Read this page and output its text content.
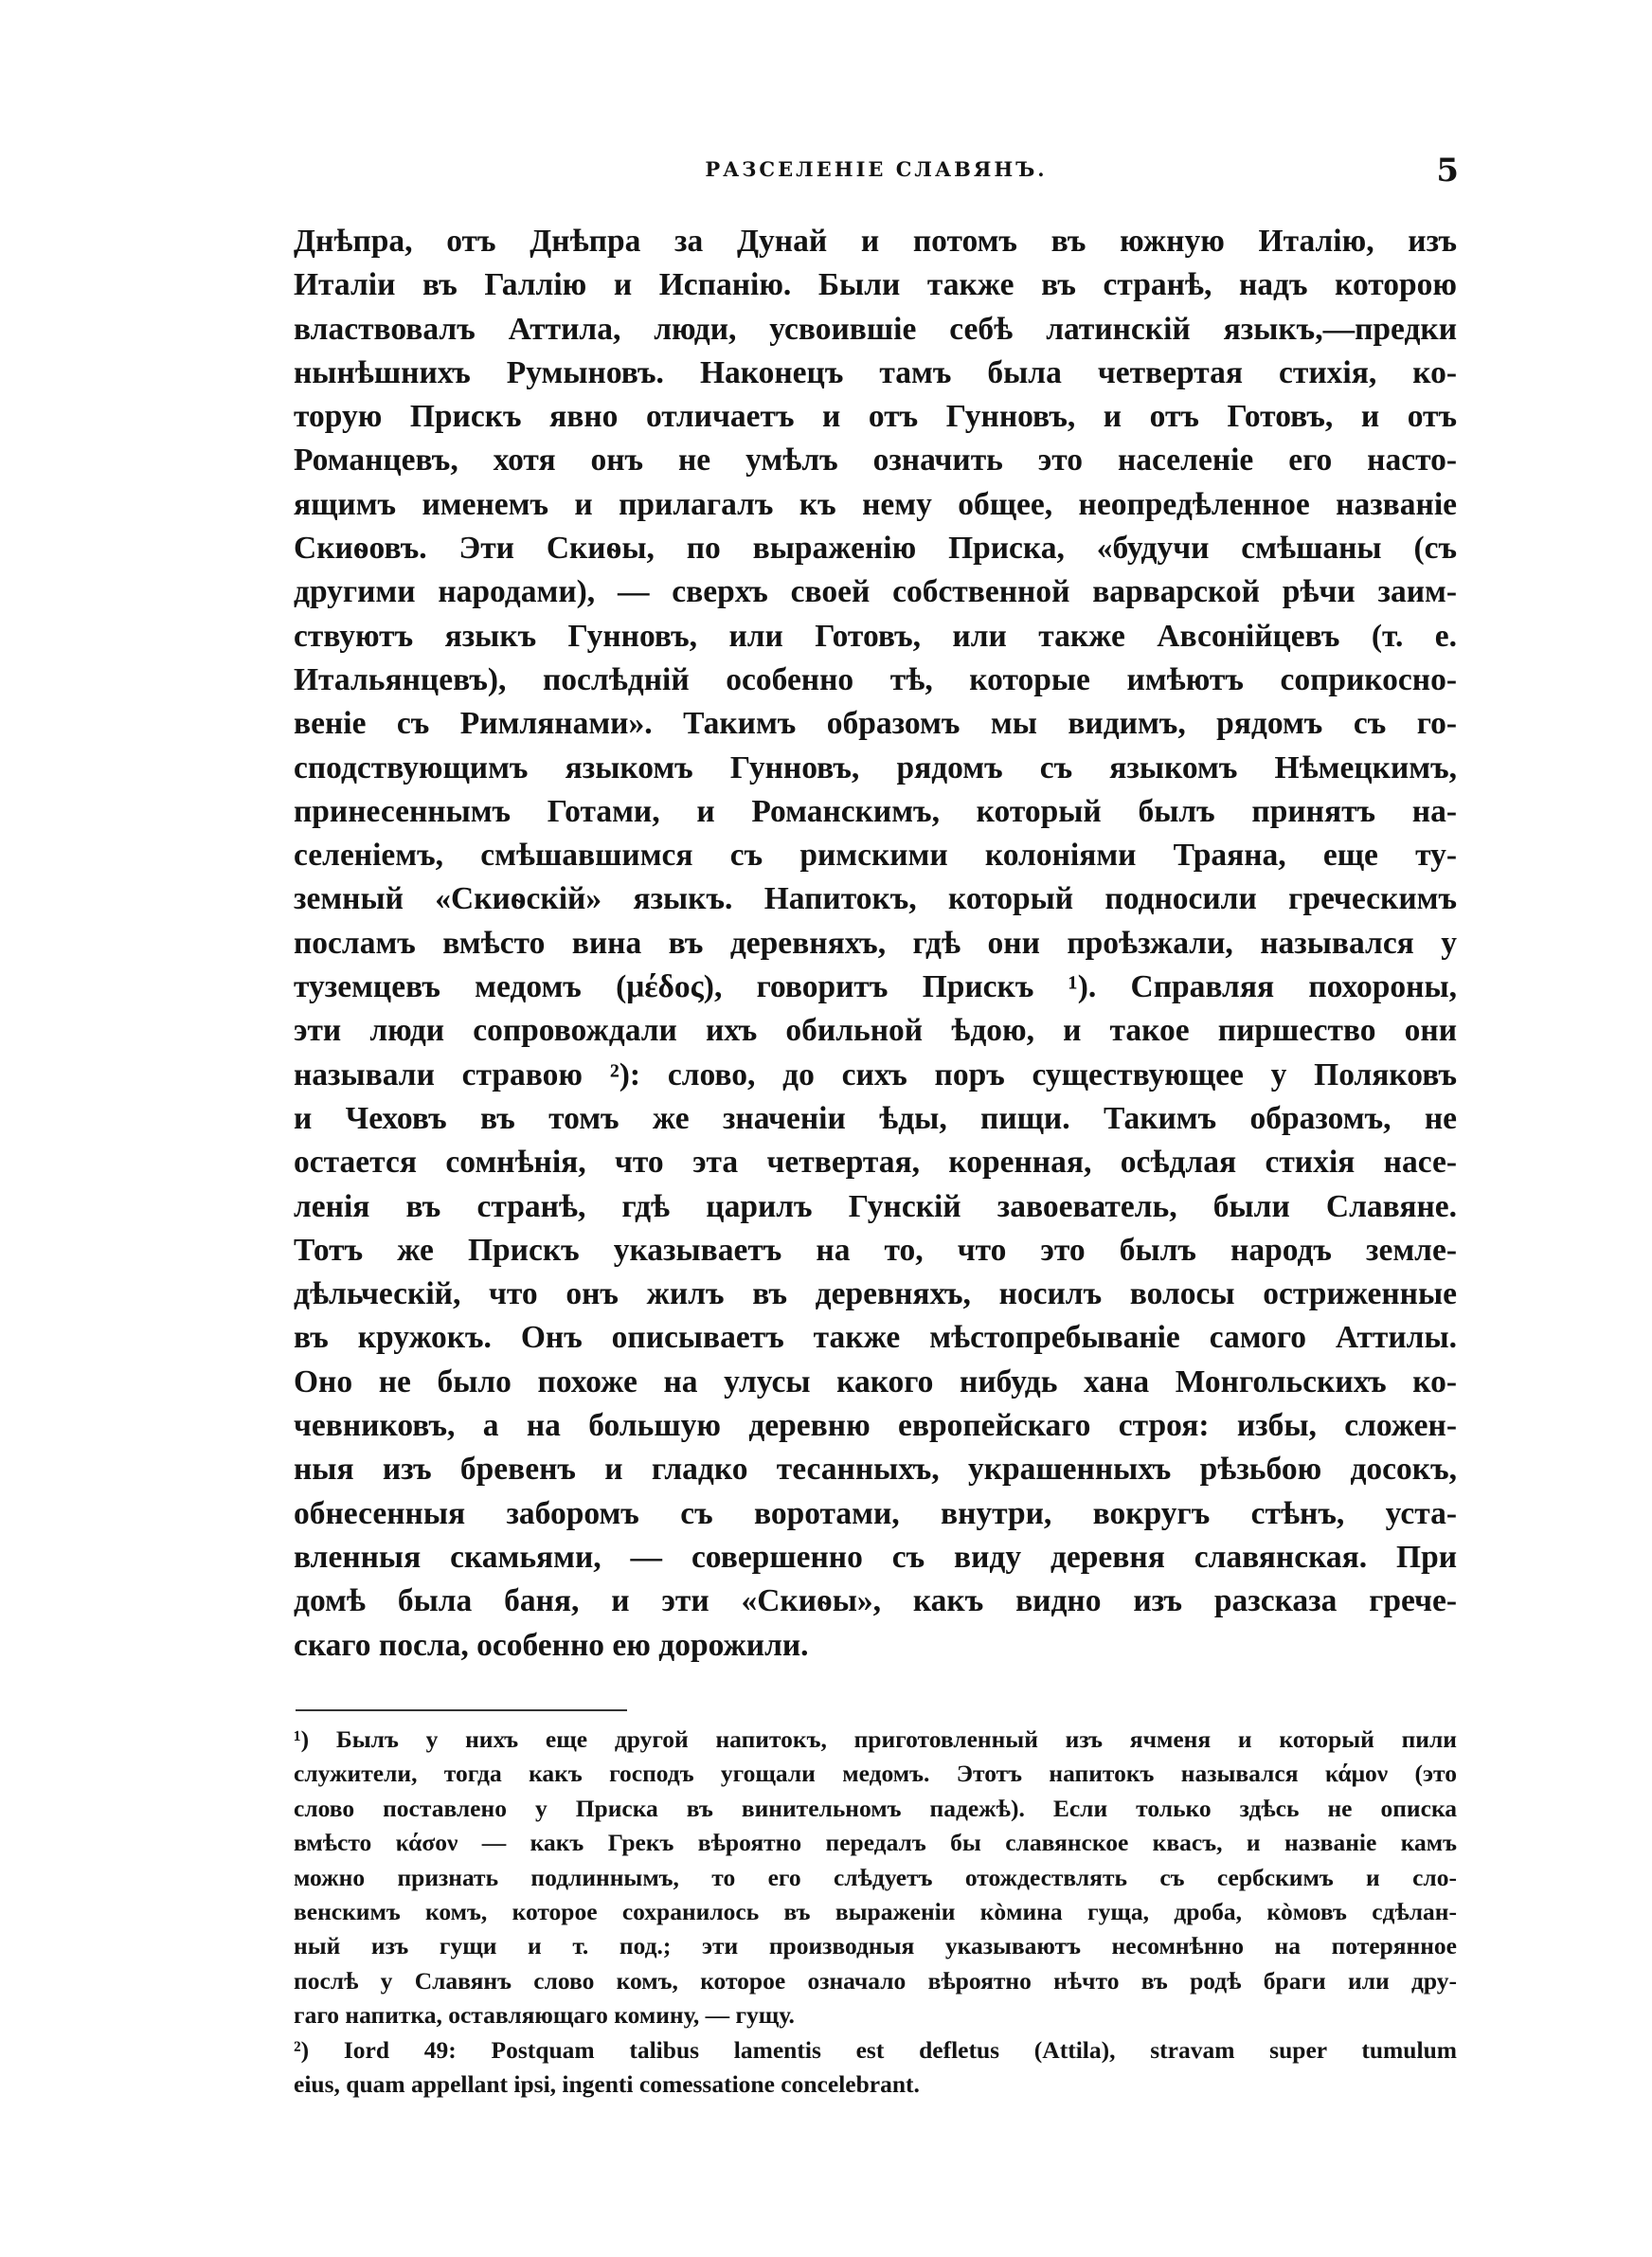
РАЗСЕЛЕНІЕ СЛАВЯНЪ.	5
Днѣпра, отъ Днѣпра за Дунай и потомъ въ южную Италію, изъ
Италіи въ Галлію и Испанію. Были также въ странѣ, надъ которою
властвовалъ Аттила, люди, усвоившіе себѣ латинскій языкъ,—предки
нынѣшнихъ Румыновъ. Наконецъ тамъ была четвертая стихія, ко-
торую Прискъ явно отличаетъ и отъ Гунновъ, и отъ Готовъ, и отъ
Романцевъ, хотя онъ не умѣлъ означить это населеніе его насто-
ящимъ именемъ и прилагалъ къ нему общее, неопредѣленное названіе
Скиѳовъ. Эти Скиѳы, по выраженію Приска, «будучи смѣшаны (съ
другими народами), — сверхъ своей собственной варварской рѣчи заим-
ствуютъ языкъ Гунновъ, или Готовъ, или также Авсонійцевъ (т. е.
Итальянцевъ), послѣдній особенно тѣ, которые имѣютъ соприкосно-
веніе съ Римлянами». Такимъ образомъ мы видимъ, рядомъ съ го-
сподствующимъ языкомъ Гунновъ, рядомъ съ языкомъ Нѣмецкимъ,
принесеннымъ Готами, и Романскимъ, который былъ принятъ на-
селеніемъ, смѣшавшимся съ римскими колоніями Траяна, еще ту-
земный «Скиѳскій» языкъ. Напитокъ, который подносили греческимъ
посламъ вмѣсто вина въ деревняхъ, гдѣ они проѣзжали, назывался у
туземцевъ медомъ (μέδος), говоритъ Прискъ ¹). Справляя похороны,
эти люди сопровождали ихъ обильной ѣдою, и такое пиршество они
называли стравою ²): слово, до сихъ поръ существующее у Поляковъ
и Чеховъ въ томъ же значеніи ѣды, пищи. Такимъ образомъ, не
остается сомнѣнія, что эта четвертая, коренная, осѣдлая стихія насе-
ленія въ странѣ, гдѣ царилъ Гунскій завоеватель, были Славяне.
Тотъ же Прискъ указываетъ на то, что это былъ народъ земле-
дѣльческій, что онъ жилъ въ деревняхъ, носилъ волосы остриженные
въ кружокъ. Онъ описываетъ также мѣстопребываніе самого Аттилы.
Оно не было похоже на улусы какого нибудь хана Монгольскихъ ко-
чевниковъ, а на большую деревню европейскаго строя: избы, сложен-
ныя изъ бревенъ и гладко тесанныхъ, украшенныхъ рѣзьбою досокъ,
обнесенныя заборомъ съ воротами, внутри, вокругъ стѣнъ, уста-
вленныя скамьями, — совершенно съ виду деревня славянская. При
домѣ была баня, и эти «Скиѳы», какъ видно изъ разсказа грече-
скаго посла, особенно ею дорожили.
¹) Былъ у нихъ еще другой напитокъ, приготовленный изъ ячменя и который пили
служители, тогда какъ господъ угощали медомъ. Этотъ напитокъ назывался κάμον (это
слово поставлено у Приска въ винительномъ падежѣ). Если только здѣсь не описка
вмѣсто κάσον — какъ Грекъ вѣроятно передалъ бы славянское квасъ, и названіе камъ
можно признать подлиннымъ, то его слѣдуетъ отождествлять съ сербскимъ и сло-
венскимъ комъ, которое сохранилось въ выраженіи кòмина гуща, дроба, кòмовъ сдѣлан-
ный изъ гущи и т. под.; эти производныя указываютъ несомнѣнно на потерянное
послѣ у Славянъ слово комъ, которое означало вѣроятно нѣчто въ родѣ браги или дру-
гаго напитка, оставляющаго комину, — гущу.
²) Iord 49: Postquam talibus lamentis est defletus (Attila), stravam super tumulum
eius, quam appellant ipsi, ingenti comessatione concelebrant.
